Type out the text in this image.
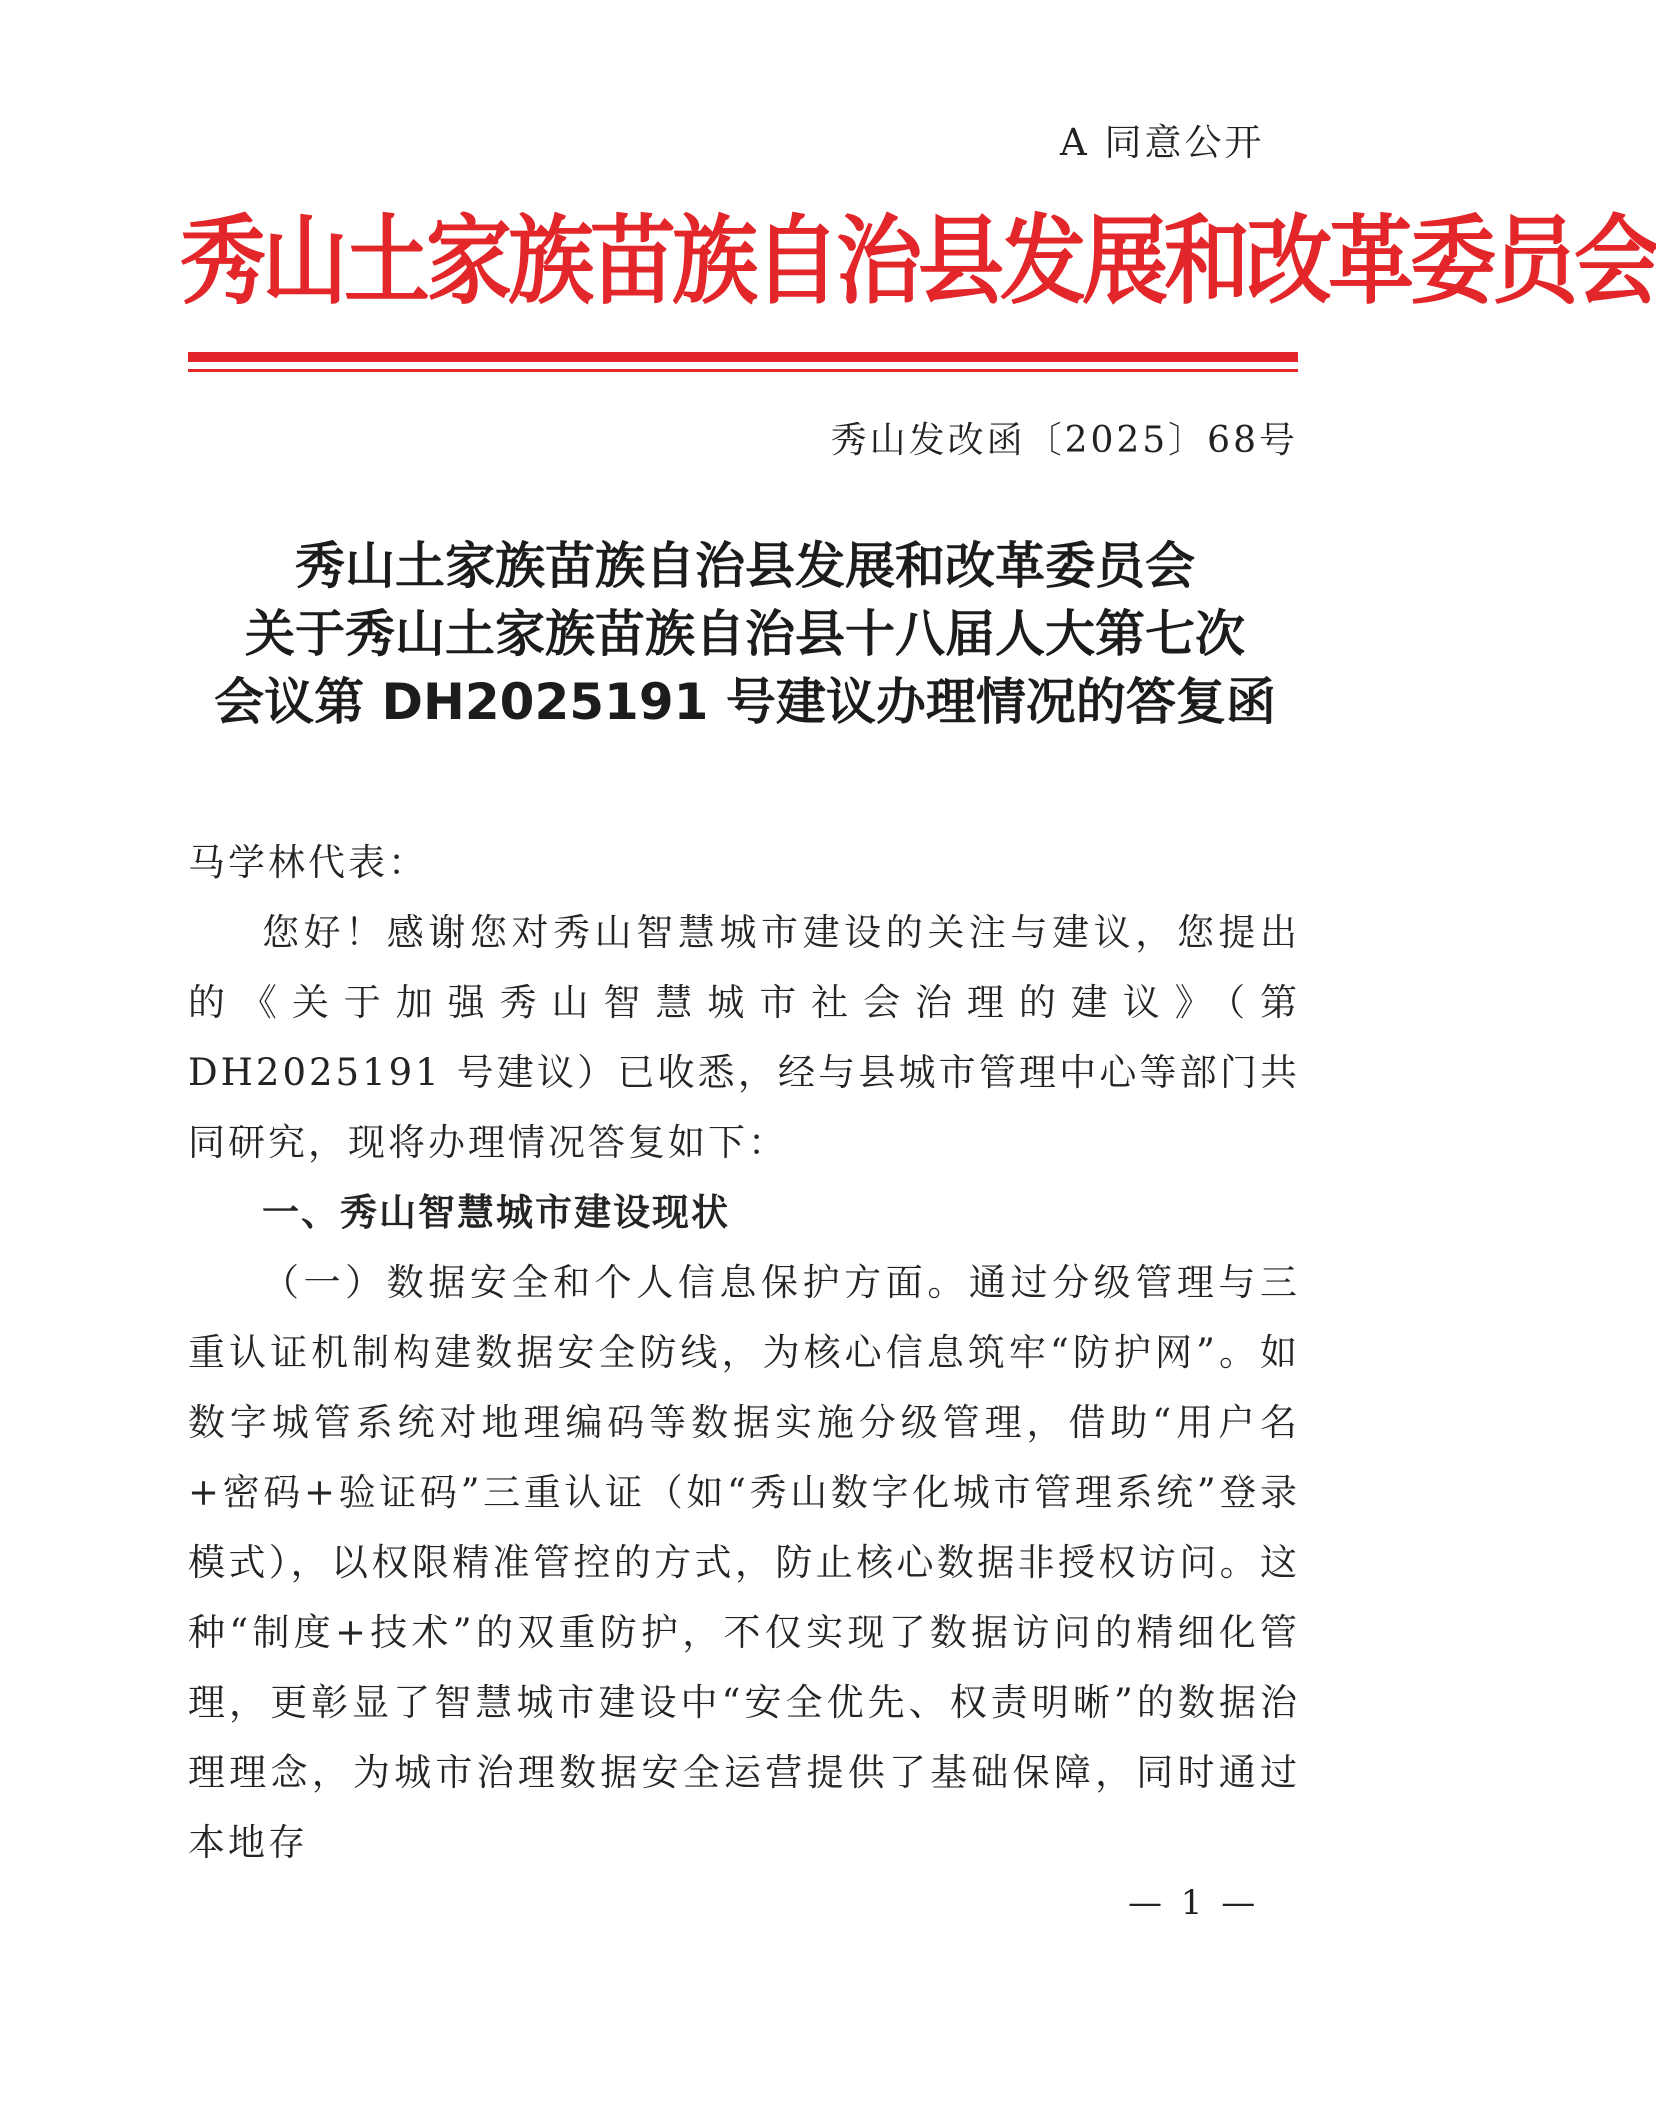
A 同意公开
秀山土家族苗族自治县发展和改革委员会
秀山发改函〔2025〕68号
秀山土家族苗族自治县发展和改革委员会
关于秀山土家族苗族自治县十八届人大第七次
会议第 DH2025191 号建议办理情况的答复函

马学林代表：

您好！感谢您对秀山智慧城市建设的关注与建议，您提出的《关于加强秀山智慧城市社会治理的建议》（第 DH2025191 号建议）已收悉，经与县城市管理中心等部门共同研究，现将办理情况答复如下：

一、秀山智慧城市建设现状

（一）数据安全和个人信息保护方面。通过分级管理与三重认证机制构建数据安全防线，为核心信息筑牢“防护网”。如数字城管系统对地理编码等数据实施分级管理，借助“用户名+密码+验证码”三重认证（如“秀山数字化城市管理系统”登录模式），以权限精准管控的方式，防止核心数据非授权访问。这种“制度+技术”的双重防护，不仅实现了数据访问的精细化管理，更彰显了智慧城市建设中“安全优先、权责明晰”的数据治理理念，为城市治理数据安全运营提供了基础保障，同时通过本地存

— 1 —
